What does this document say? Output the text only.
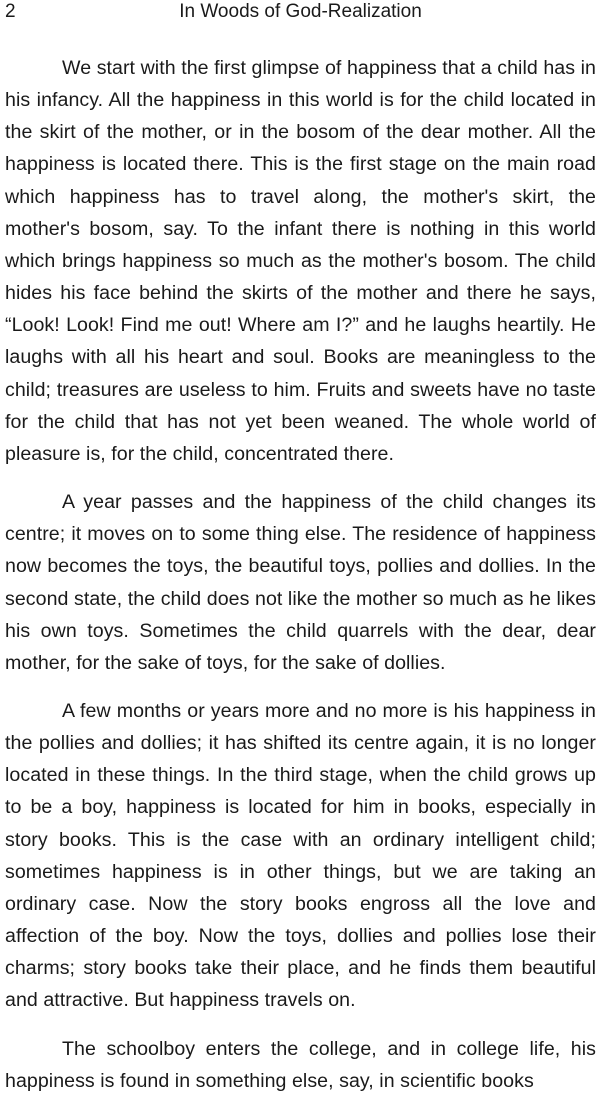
2	In Woods of God-Realization

We start with the first glimpse of happiness that a child has in his infancy. All the happiness in this world is for the child located in the skirt of the mother, or in the bosom of the dear mother. All the happiness is located there. This is the first stage on the main road which happiness has to travel along, the mother's skirt, the mother's bosom, say. To the infant there is nothing in this world which brings happiness so much as the mother's bosom. The child hides his face behind the skirts of the mother and there he says, “Look! Look! Find me out! Where am I?” and he laughs heartily. He laughs with all his heart and soul. Books are meaningless to the child; treasures are useless to him. Fruits and sweets have no taste for the child that has not yet been weaned. The whole world of pleasure is, for the child, concentrated there.

A year passes and the happiness of the child changes its centre; it moves on to some thing else. The residence of happiness now becomes the toys, the beautiful toys, pollies and dollies. In the second state, the child does not like the mother so much as he likes his own toys. Sometimes the child quarrels with the dear, dear mother, for the sake of toys, for the sake of dollies.

A few months or years more and no more is his happiness in the pollies and dollies; it has shifted its centre again, it is no longer located in these things. In the third stage, when the child grows up to be a boy, happiness is located for him in books, especially in story books. This is the case with an ordinary intelligent child; sometimes happiness is in other things, but we are taking an ordinary case. Now the story books engross all the love and affection of the boy. Now the toys, dollies and pollies lose their charms; story books take their place, and he finds them beautiful and attractive. But happiness travels on.

The schoolboy enters the college, and in college life, his happiness is found in something else, say, in scientific books
